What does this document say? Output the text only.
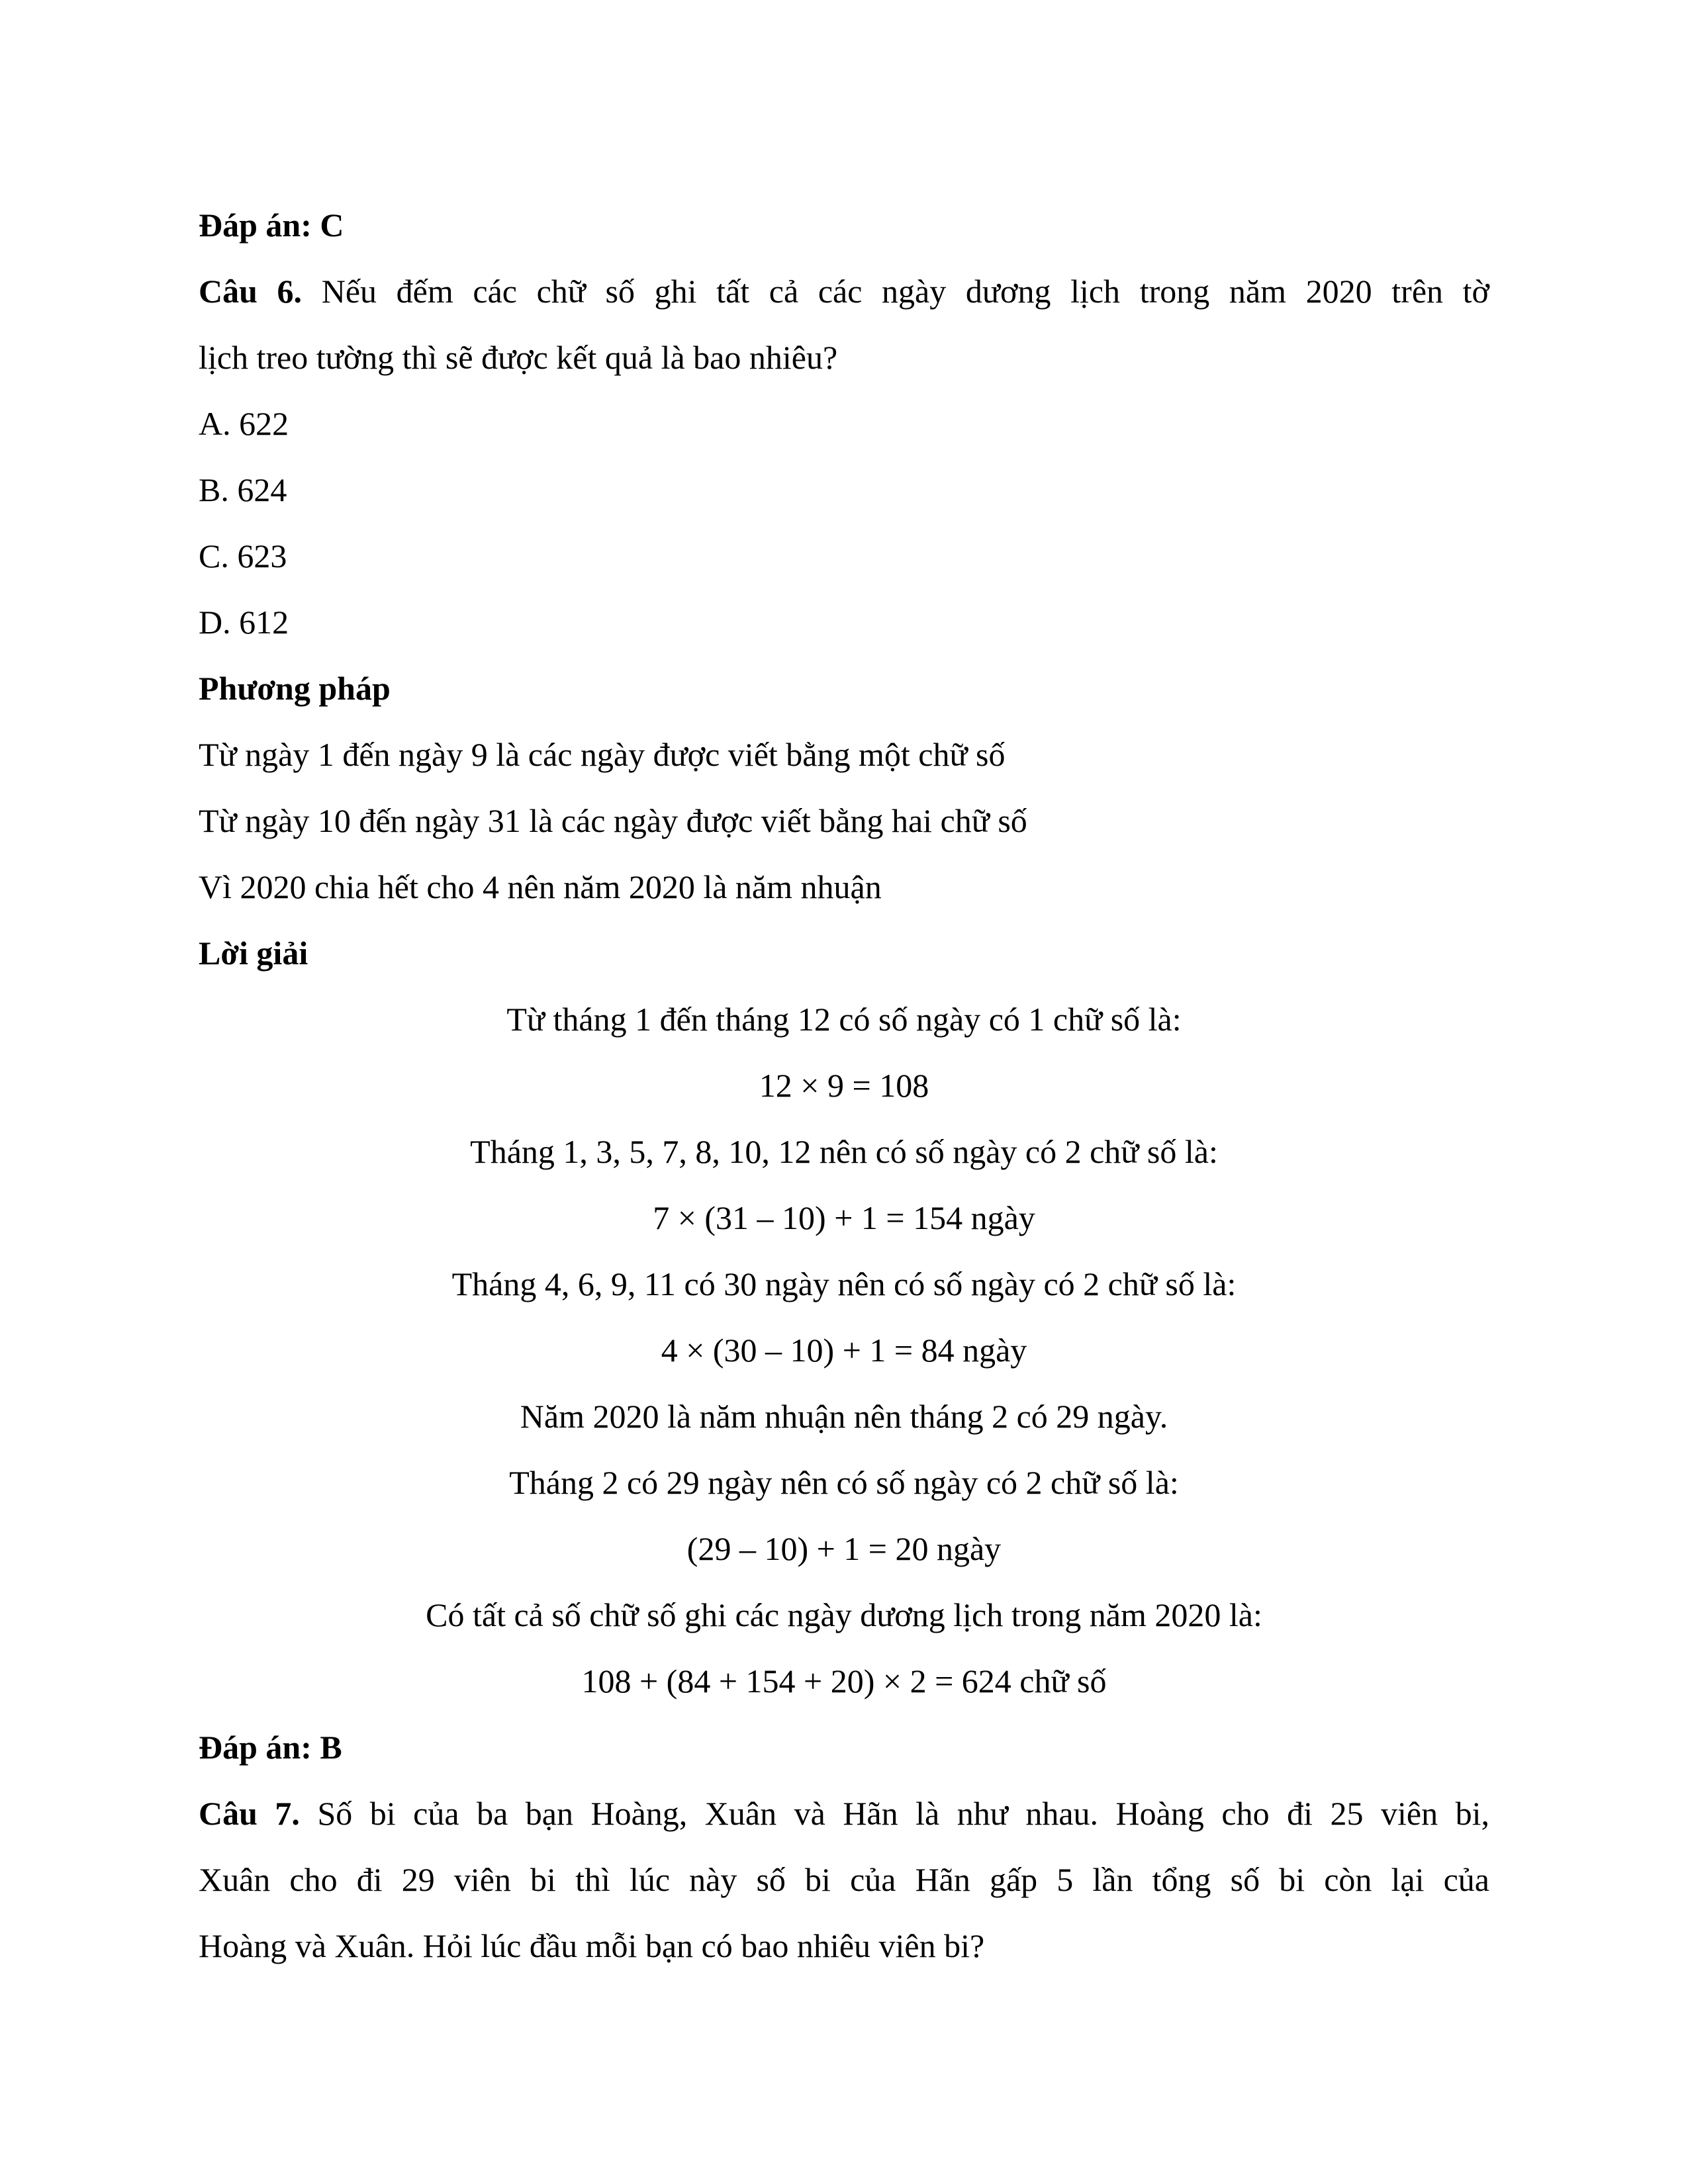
Đáp án: C
Câu 6. Nếu đếm các chữ số ghi tất cả các ngày dương lịch trong năm 2020 trên tờ
lịch treo tường thì sẽ được kết quả là bao nhiêu?
A. 622
B. 624
C. 623
D. 612
Phương pháp
Từ ngày 1 đến ngày 9 là các ngày được viết bằng một chữ số
Từ ngày 10 đến ngày 31 là các ngày được viết bằng hai chữ số
Vì 2020 chia hết cho 4 nên năm 2020 là năm nhuận
Lời giải
Từ tháng 1 đến tháng 12 có số ngày có 1 chữ số là:
12 × 9 = 108
Tháng 1, 3, 5, 7, 8, 10, 12 nên có số ngày có 2 chữ số là:
7 × (31 – 10) + 1 = 154 ngày
Tháng 4, 6, 9, 11 có 30 ngày nên có số ngày có 2 chữ số là:
4 × (30 – 10) + 1 = 84 ngày
Năm 2020 là năm nhuận nên tháng 2 có 29 ngày.
Tháng 2 có 29 ngày nên có số ngày có 2 chữ số là:
(29 – 10) + 1 = 20 ngày
Có tất cả số chữ số ghi các ngày dương lịch trong năm 2020 là:
108 + (84 + 154 + 20) × 2 = 624 chữ số
Đáp án: B
Câu 7. Số bi của ba bạn Hoàng, Xuân và Hãn là như nhau. Hoàng cho đi 25 viên bi,
Xuân cho đi 29 viên bi thì lúc này số bi của Hãn gấp 5 lần tổng số bi còn lại của
Hoàng và Xuân. Hỏi lúc đầu mỗi bạn có bao nhiêu viên bi?
